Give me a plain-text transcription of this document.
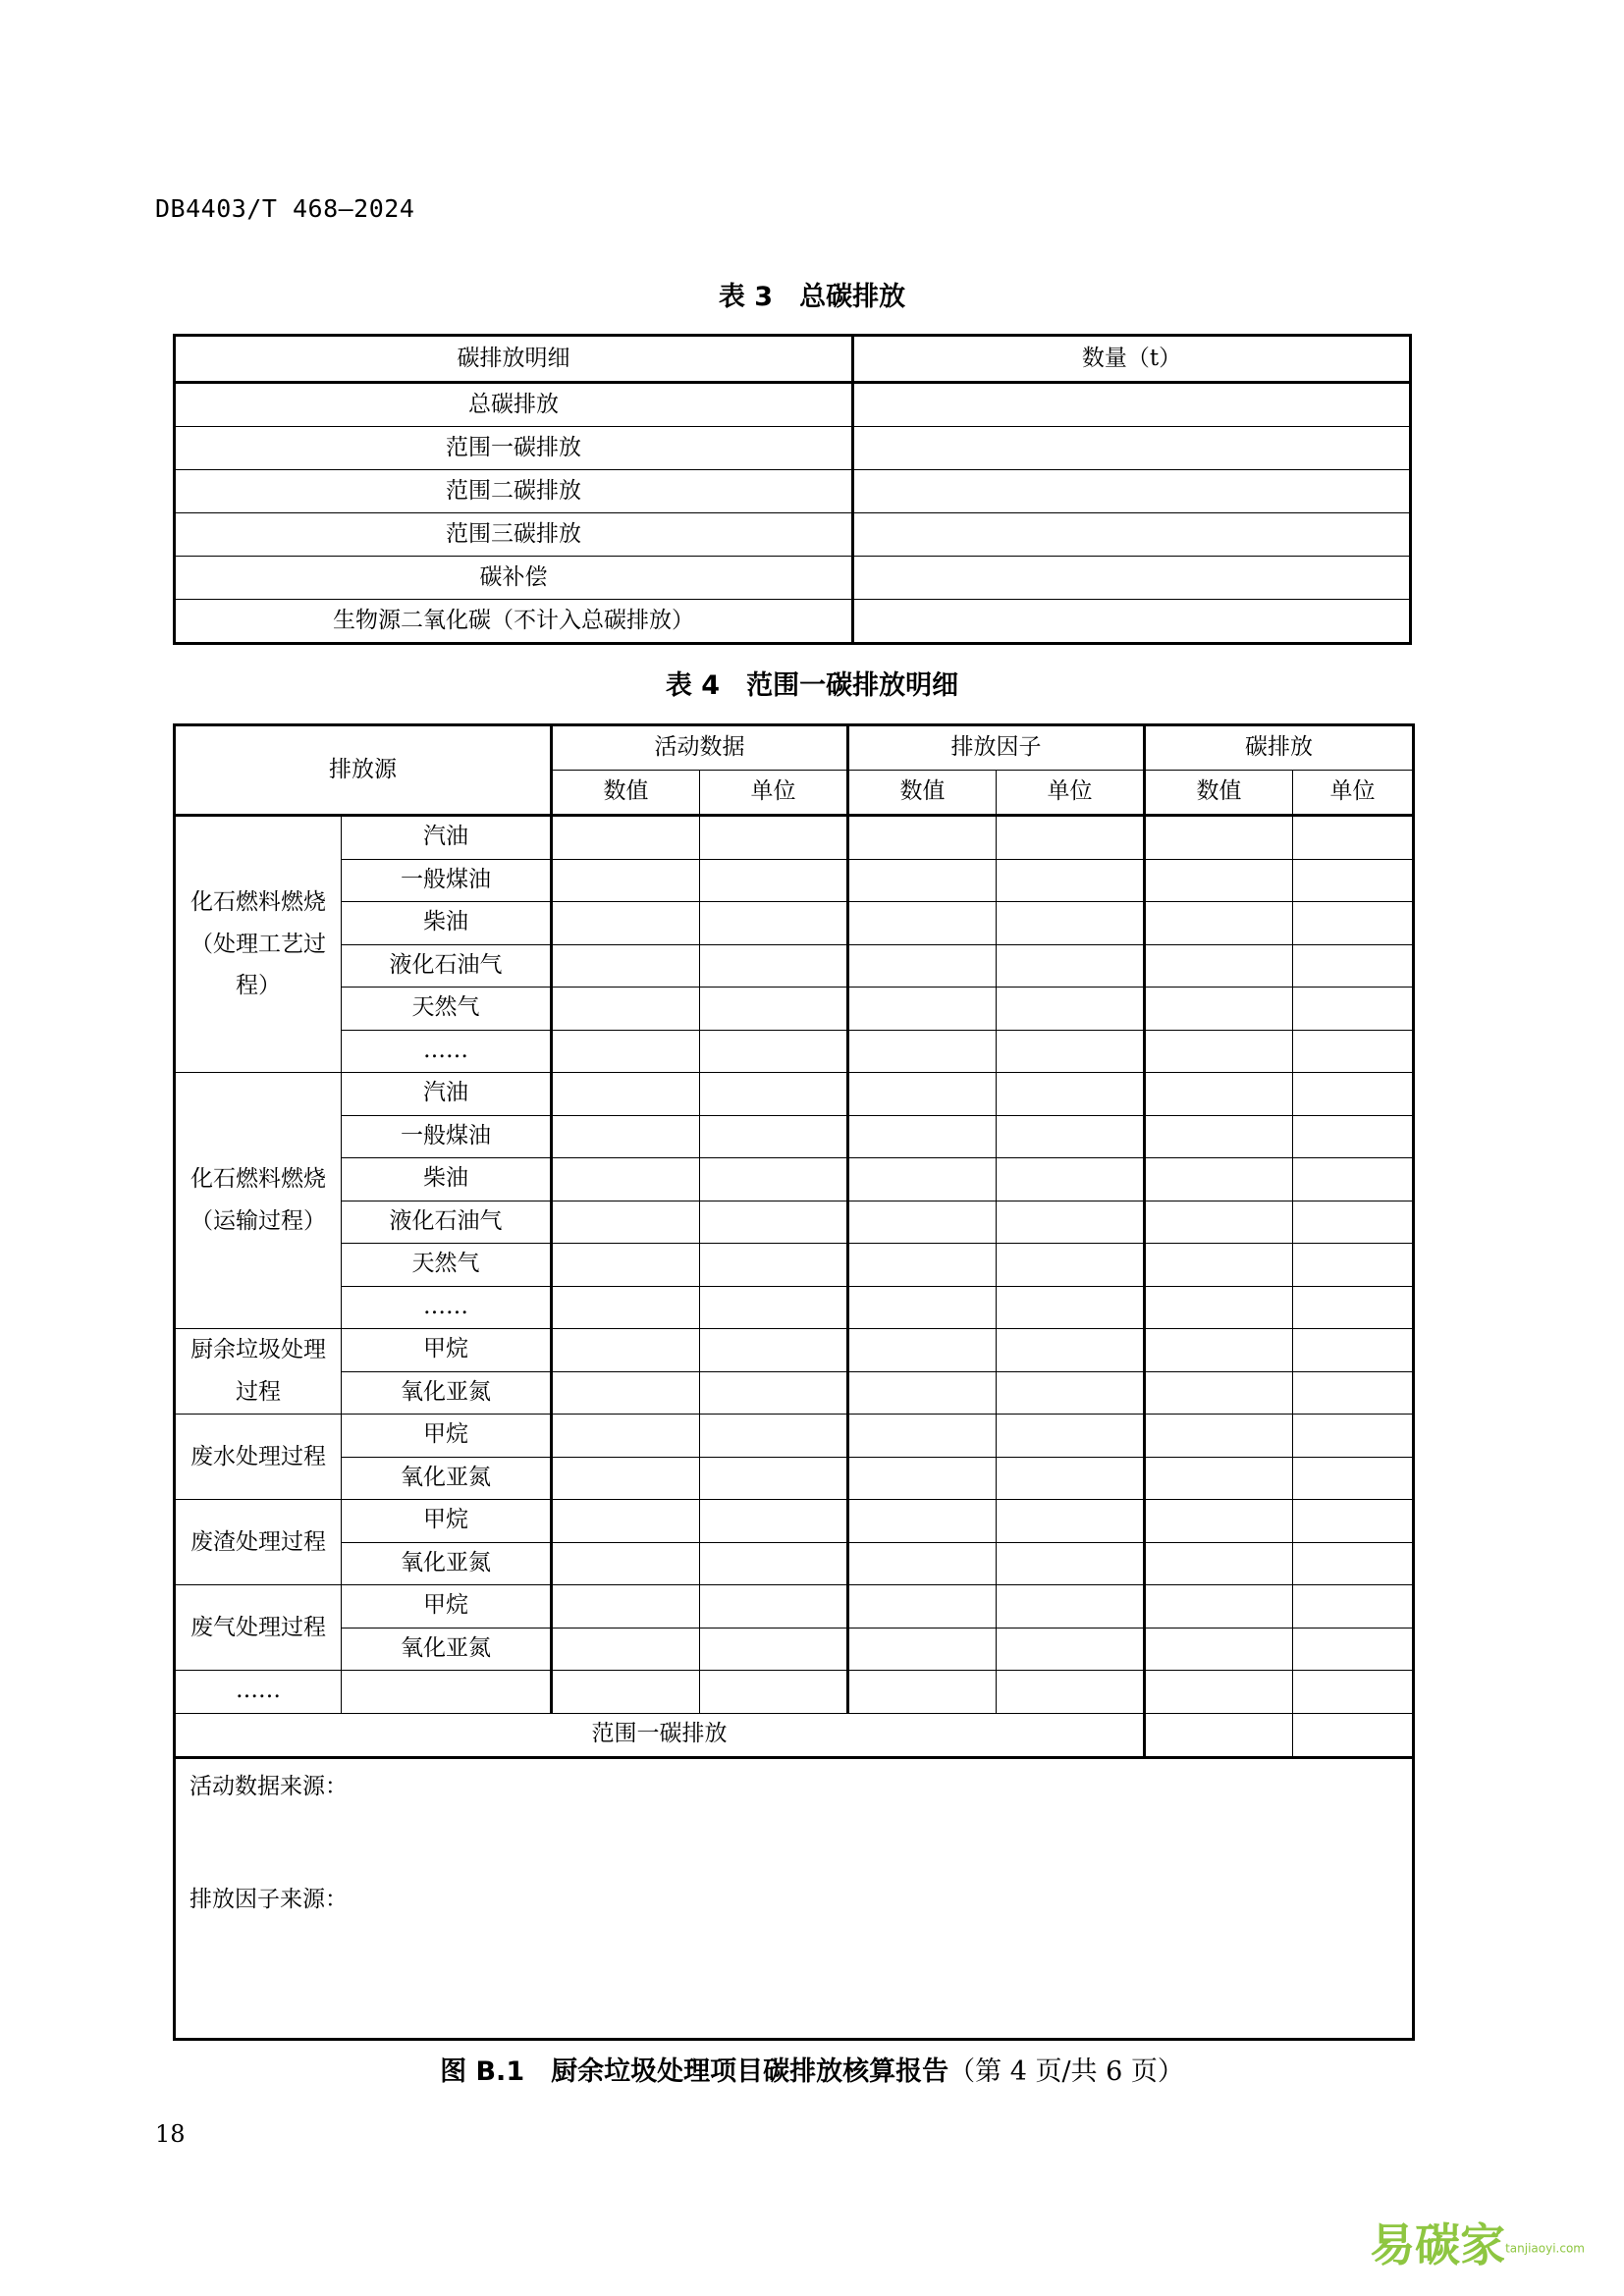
DB4403/T 468—2024
表 3　总碳排放
碳排放明细	数量（t）
总碳排放	
范围一碳排放	
范围二碳排放	
范围三碳排放	
碳补偿	
生物源二氧化碳（不计入总碳排放）	
表 4　范围一碳排放明细
排放源		活动数据		排放因子		碳排放	
		数值	单位	数值	单位	数值	单位
化石燃料燃烧（处理工艺过程）	汽油						
	一般煤油						
	柴油						
	液化石油气						
	天然气						
	……						
化石燃料燃烧（运输过程）	汽油						
	一般煤油						
	柴油						
	液化石油气						
	天然气						
	……						
厨余垃圾处理过程	甲烷						
	氧化亚氮						
废水处理过程	甲烷						
	氧化亚氮						
废渣处理过程	甲烷						
	氧化亚氮						
废气处理过程	甲烷						
	氧化亚氮						
……							
范围一碳排放							

活动数据来源：
排放因子来源：							
图 B.1　厨余垃圾处理项目碳排放核算报告（第 4 页/共 6 页）
18
易碳家tanjiaoyi.com
